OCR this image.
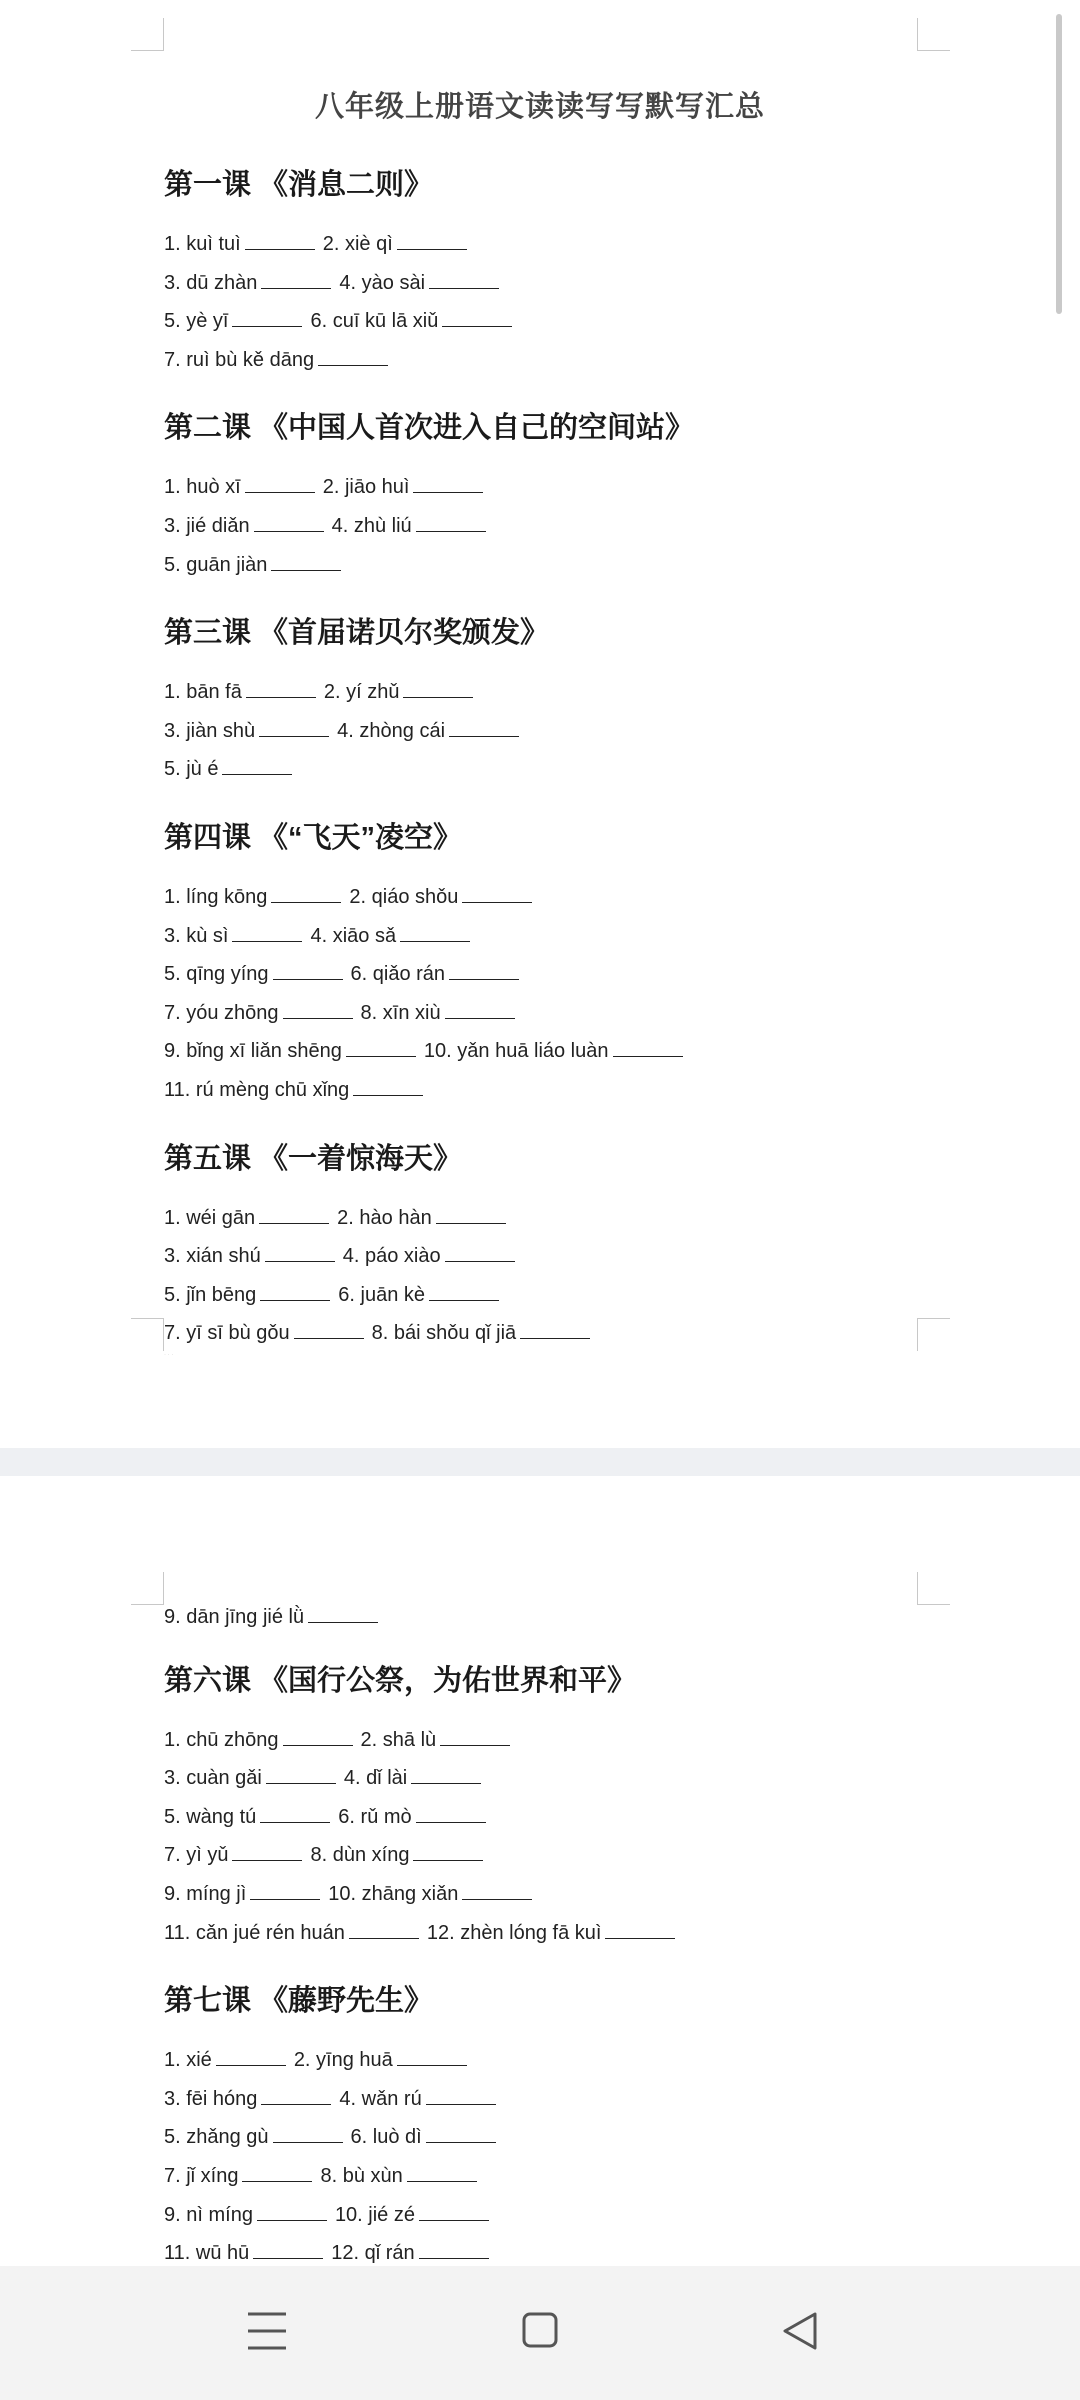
八年级上册语文读读写写默写汇总
第一课 《消息二则》
1. kuì tuì	2. xiè qì
3. dū zhàn	4. yào sài
5. yè yī	6. cuī kū lā xiǔ
7. ruì bù kě dāng
第二课 《中国人首次进入自己的空间站》
1. huò xī	2. jiāo huì
3. jié diǎn	4. zhù liú
5. guān jiàn
第三课 《首届诺贝尔奖颁发》
1. bān fā	2. yí zhǔ
3. jiàn shù	4. zhòng cái
5. jù é
第四课 《“飞天”凌空》
1. líng kōng	2. qiáo shǒu
3. kù sì	4. xiāo sǎ
5. qīng yíng	6. qiǎo rán
7. yóu zhōng	8. xīn xiù
9. bǐng xī liǎn shēng	10. yǎn huā liáo luàn
11. rú mèng chū xǐng
第五课 《一着惊海天》
1. wéi gān	2. hào hàn
3. xián shú	4. páo xiào
5. jǐn bēng	6. juān kè
7. yī sī bù gǒu	8. bái shǒu qǐ jiā
· · ·
9. dān jīng jié lǜ
第六课 《国行公祭，为佑世界和平》
1. chū zhōng	2. shā lù
3. cuàn gǎi	4. dǐ lài
5. wàng tú	6. rǔ mò
7. yì yǔ	8. dùn xíng
9. míng jì	10. zhāng xiǎn
11. cǎn jué rén huán	12. zhèn lóng fā kuì
第七课 《藤野先生》
1. xié	2. yīng huā
3. fēi hóng	4. wǎn rú
5. zhǎng gù	6. luò dì
7. jǐ xíng	8. bù xùn
9. nì míng	10. jié zé
11. wū hū	12. qǐ rán
